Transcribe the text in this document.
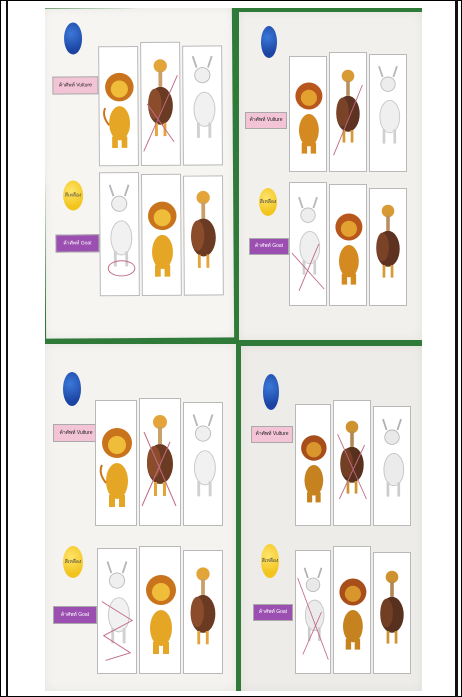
ค้าศัพท์ Vulture
สีเหลือง
ค้าศัพท์ Goat
ค้าศัพท์ Vulture
สีเหลือง
ค้าศัพท์ Goat
ค้าศัพท์ Vulture
สีเหลือง
ค้าศัพท์ Goat
ค้าศัพท์ Vulture
สีเหลือง
ค้าศัพท์ Goat
